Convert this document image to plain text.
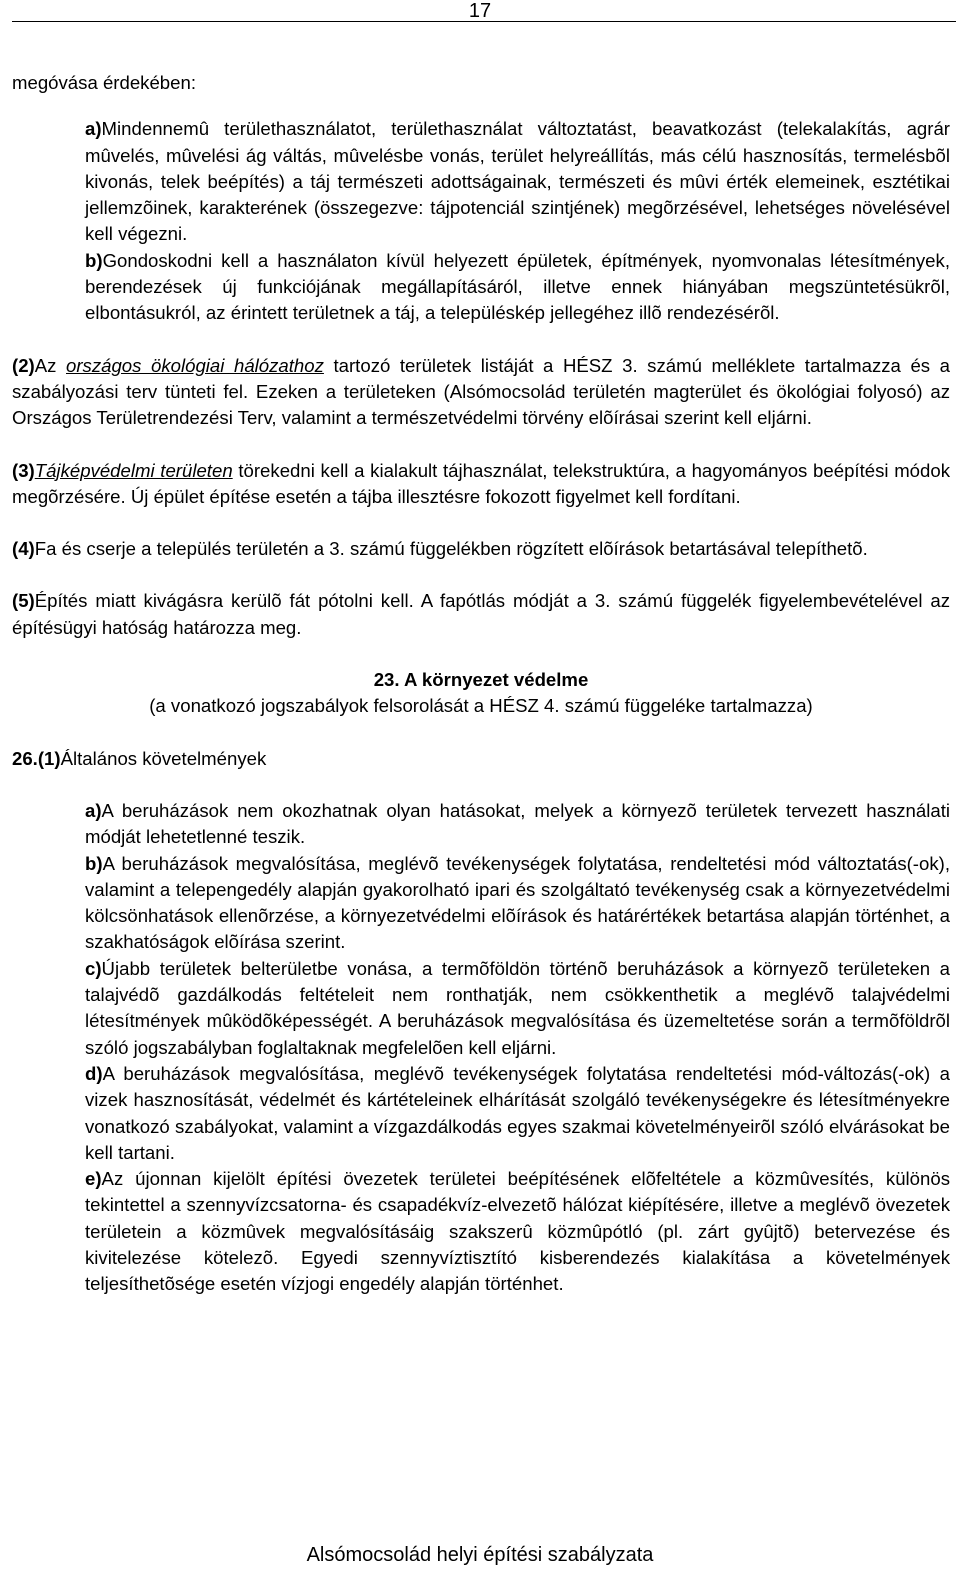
17

megóvása érdekében:

a)Mindennemû területhasználatot, területhasználat változtatást, beavatkozást (telekalakítás, agrár mûvelés, mûvelési ág váltás, mûvelésbe vonás, terület helyreállítás, más célú hasznosítás, termelésbõl kivonás, telek beépítés) a táj természeti adottságainak, természeti és mûvi érték elemeinek, esztétikai jellemzõinek, karakterének (összegezve: tájpotenciál szintjének) megõrzésével, lehetséges növelésével kell végezni.

b)Gondoskodni kell a használaton kívül helyezett épületek, építmények, nyomvonalas létesítmények, berendezések új funkciójának megállapításáról, illetve ennek hiányában megszüntetésükrõl, elbontásukról, az érintett területnek a táj, a településkép jellegéhez illõ rendezésérõl.

(2)Az országos ökológiai hálózathoz tartozó területek listáját a HÉSZ 3. számú melléklete tartalmazza és a szabályozási terv tünteti fel. Ezeken a területeken (Alsómocsolád területén magterület és ökológiai folyosó) az Országos Területrendezési Terv, valamint a természetvédelmi törvény elõírásai szerint kell eljárni.

(3)Tájképvédelmi területen törekedni kell a kialakult tájhasználat, telekstruktúra, a hagyományos beépítési módok megõrzésére. Új épület építése esetén a tájba illesztésre fokozott figyelmet kell fordítani.

(4)Fa és cserje a település területén a 3. számú függelékben rögzített elõírások betartásával telepíthetõ.

(5)Építés miatt kivágásra kerülõ fát pótolni kell. A fapótlás módját a 3. számú függelék figyelembevételével az építésügyi hatóság határozza meg.

23. A környezet védelme

(a vonatkozó jogszabályok felsorolását a HÉSZ 4. számú függeléke tartalmazza)

26.(1)Általános követelmények

a)A beruházások nem okozhatnak olyan hatásokat, melyek a környezõ területek tervezett használati módját lehetetlenné teszik.

b)A beruházások megvalósítása, meglévõ tevékenységek folytatása, rendeltetési mód változtatás(-ok), valamint a telepengedély alapján gyakorolható ipari és szolgáltató tevékenység csak a környezetvédelmi kölcsönhatások ellenõrzése, a környezetvédelmi elõírások és határértékek betartása alapján történhet, a szakhatóságok elõírása szerint.

c)Újabb területek belterületbe vonása, a termõföldön történõ beruházások a környezõ területeken a talajvédõ gazdálkodás feltételeit nem ronthatják, nem csökkenthetik a meglévõ talajvédelmi létesítmények mûködõképességét. A beruházások megvalósítása és üzemeltetése során a termõföldrõl szóló jogszabályban foglaltaknak megfelelõen kell eljárni.

d)A beruházások megvalósítása, meglévõ tevékenységek folytatása rendeltetési mód-változás(-ok) a vizek hasznosítását, védelmét és kártételeinek elhárítását szolgáló tevékenységekre és létesítményekre vonatkozó szabályokat, valamint a vízgazdálkodás egyes szakmai követelményeirõl szóló elvárásokat be kell tartani.

e)Az újonnan kijelölt építési övezetek területei beépítésének elõfeltétele a közmûvesítés, különös tekintettel a szennyvízcsatorna- és csapadékvíz-elvezetõ hálózat kiépítésére, illetve a meglévõ övezetek területein a közmûvek megvalósításáig szakszerû közmûpótló (pl. zárt gyûjtõ) betervezése és kivitelezése kötelezõ. Egyedi szennyvíztisztító kisberendezés kialakítása a követelmények teljesíthetõsége esetén vízjogi engedély alapján történhet.

Alsómocsolád helyi építési szabályzata
